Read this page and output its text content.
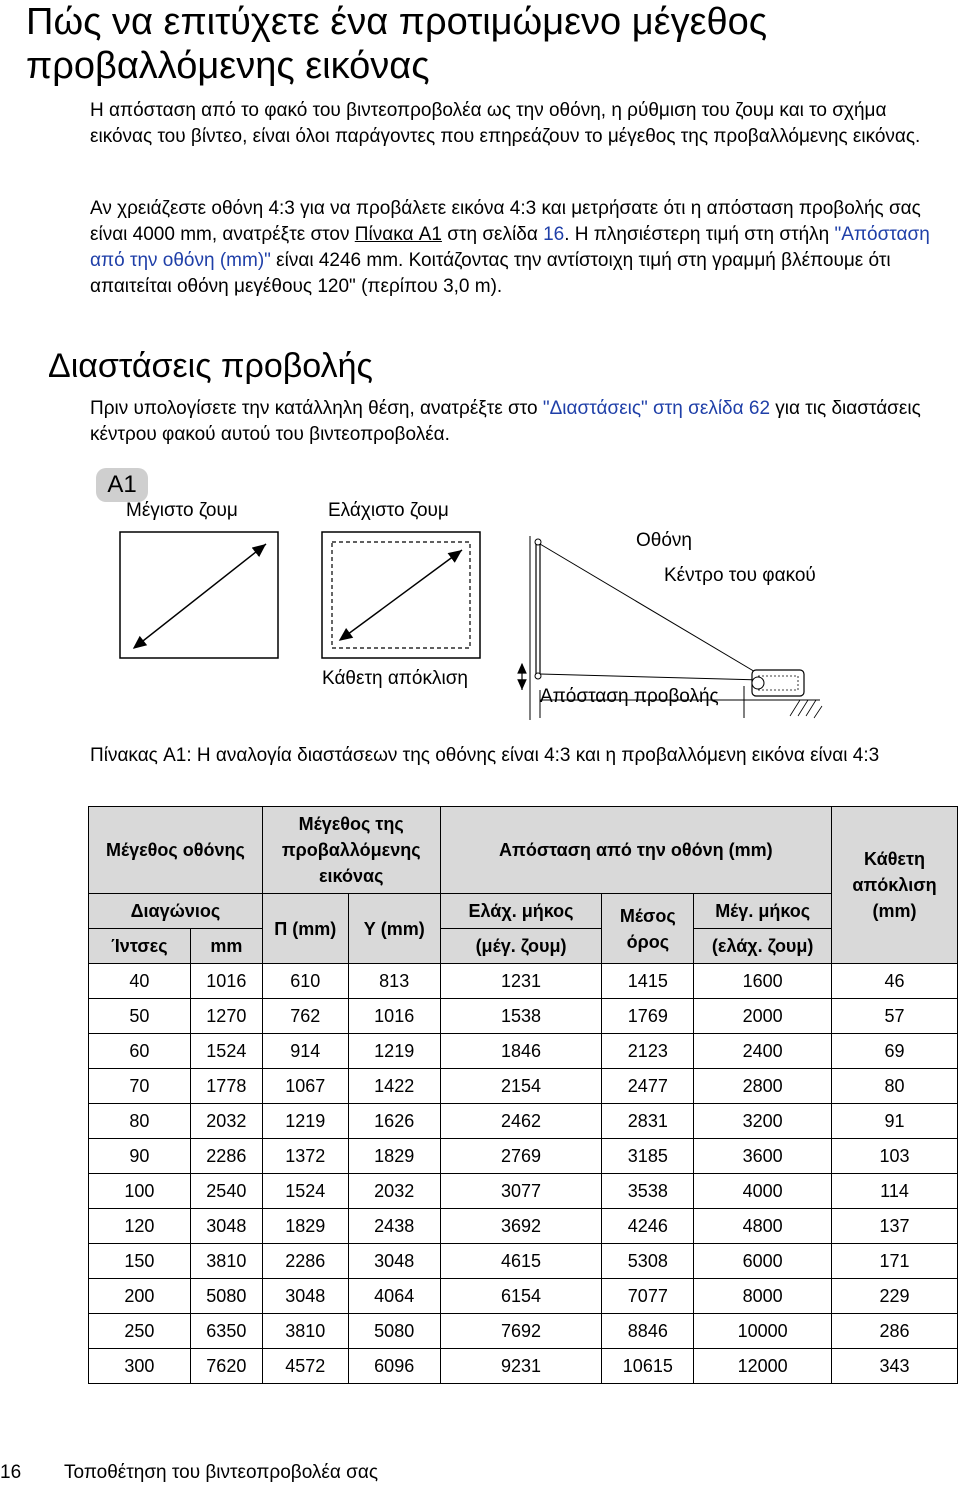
Πώς να επιτύχετε ένα προτιμώμενο μέγεθος προβαλλόμενης εικόνας

Η απόσταση από το φακό του βιντεοπροβολέα ως την οθόνη, η ρύθμιση του ζουμ και το σχήμα εικόνας του βίντεο, είναι όλοι παράγοντες που επηρεάζουν το μέγεθος της προβαλλόμενης εικόνας.

Αν χρειάζεστε οθόνη 4:3 για να προβάλετε εικόνα 4:3 και μετρήσατε ότι η απόσταση προβολής σας είναι 4000 mm, ανατρέξτε στον Πίνακα A1 στη σελίδα 16. Η πλησιέστερη τιμή στη στήλη "Απόσταση από την οθόνη (mm)" είναι 4246 mm. Κοιτάζοντας την αντίστοιχη τιμή στη γραμμή βλέπουμε ότι απαιτείται οθόνη μεγέθους 120" (περίπου 3,0 m).

Διαστάσεις προβολής

Πριν υπολογίσετε την κατάλληλη θέση, ανατρέξτε στο "Διαστάσεις" στη σελίδα 62 για τις διαστάσεις κέντρου φακού αυτού του βιντεοπροβολέα.

A1
Μέγιστο ζουμ	Ελάχιστο ζουμ
Οθόνη
Κέντρο του φακού
Κάθετη απόκλιση
Απόσταση προβολής

Πίνακας A1: Η αναλογία διαστάσεων της οθόνης είναι 4:3 και η προβαλλόμενη εικόνα είναι 4:3

Μέγεθος οθόνης		Μέγεθος της προβαλλόμενης εικόνας		Απόσταση από την οθόνη (mm)			Κάθετη απόκλιση (mm)
Διαγώνιος		Π (mm)	Υ (mm)	Ελάχ. μήκος	Μέσος όρος	Μέγ. μήκος	
Ίντσες	mm			(μέγ. ζουμ)		(ελάχ. ζουμ)	
40	1016	610	813	1231	1415	1600	46
50	1270	762	1016	1538	1769	2000	57
60	1524	914	1219	1846	2123	2400	69
70	1778	1067	1422	2154	2477	2800	80
80	2032	1219	1626	2462	2831	3200	91
90	2286	1372	1829	2769	3185	3600	103
100	2540	1524	2032	3077	3538	4000	114
120	3048	1829	2438	3692	4246	4800	137
150	3810	2286	3048	4615	5308	6000	171
200	5080	3048	4064	6154	7077	8000	229
250	6350	3810	5080	7692	8846	10000	286
300	7620	4572	6096	9231	10615	12000	343
16 Τοποθέτηση του βιντεοπροβολέα σας
